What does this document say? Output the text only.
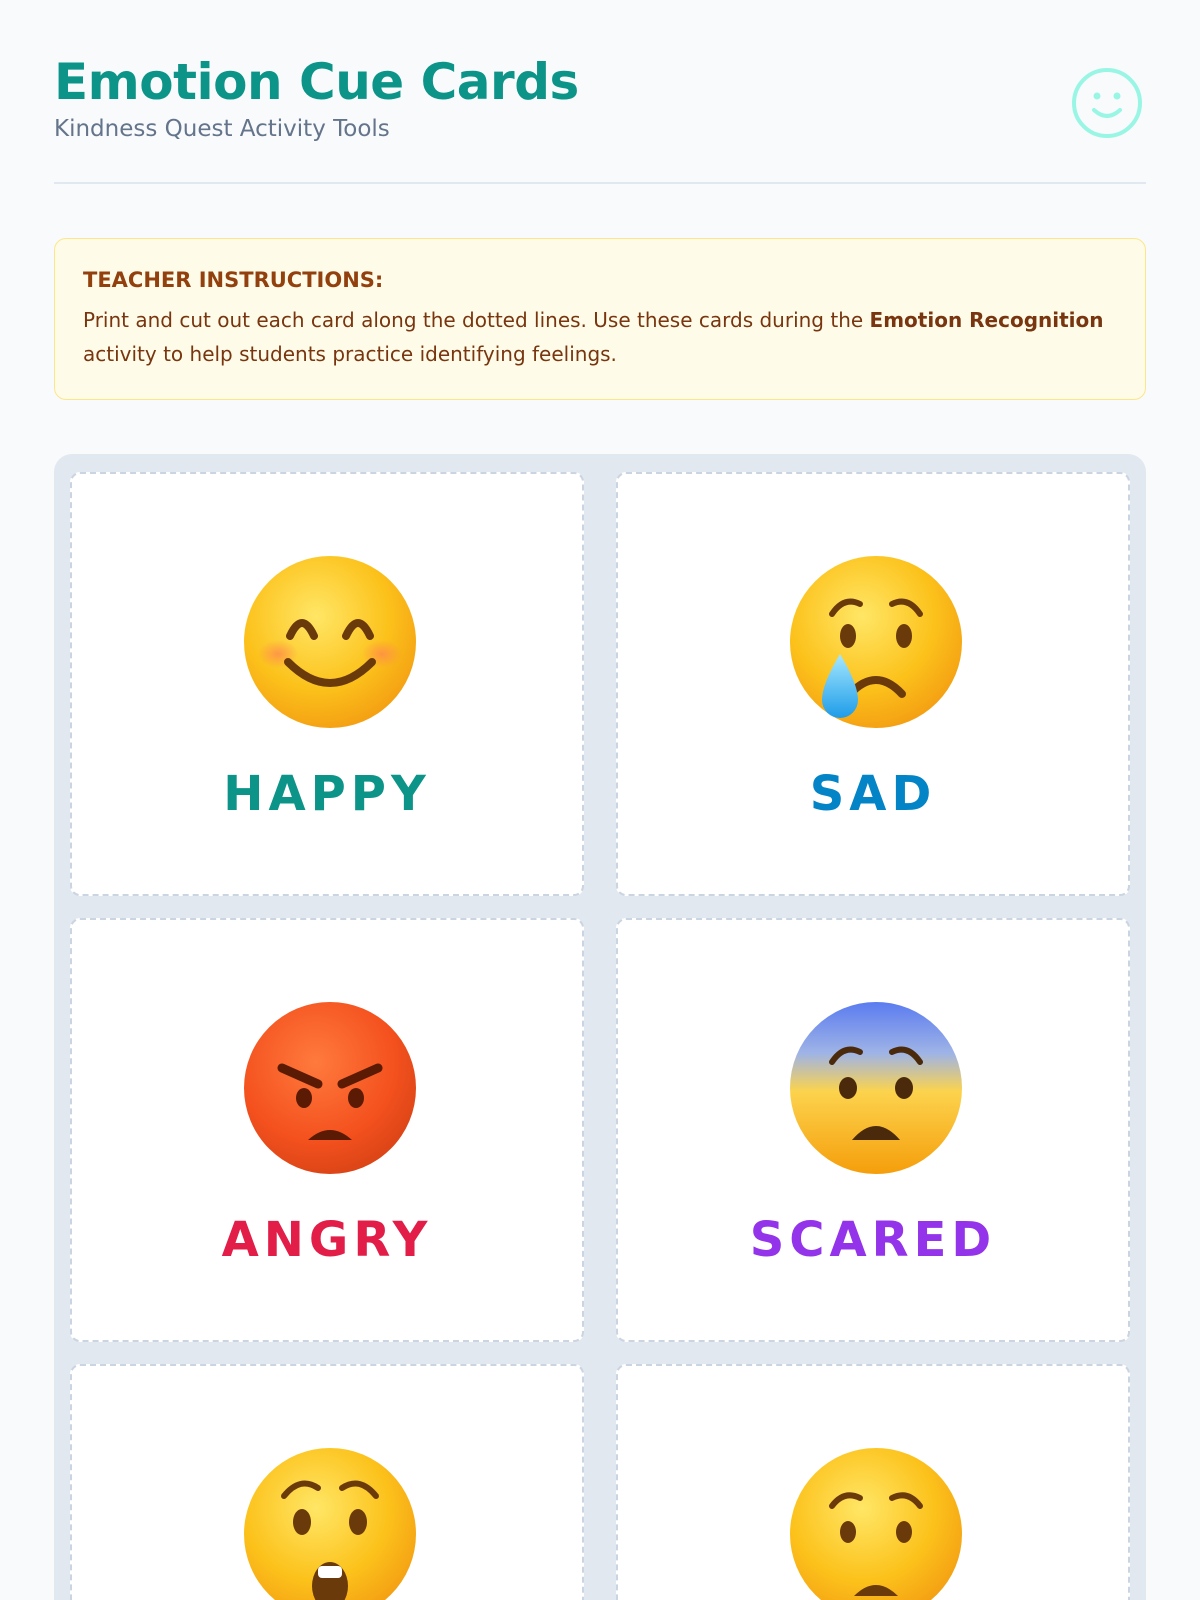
Emotion Cue Cards
Kindness Quest Activity Tools
TEACHER INSTRUCTIONS:

Print and cut out each card along the dotted lines. Use these cards during the Emotion Recognition activity to help students practice identifying feelings.

HAPPY	SAD
ANGRY	SCARED
